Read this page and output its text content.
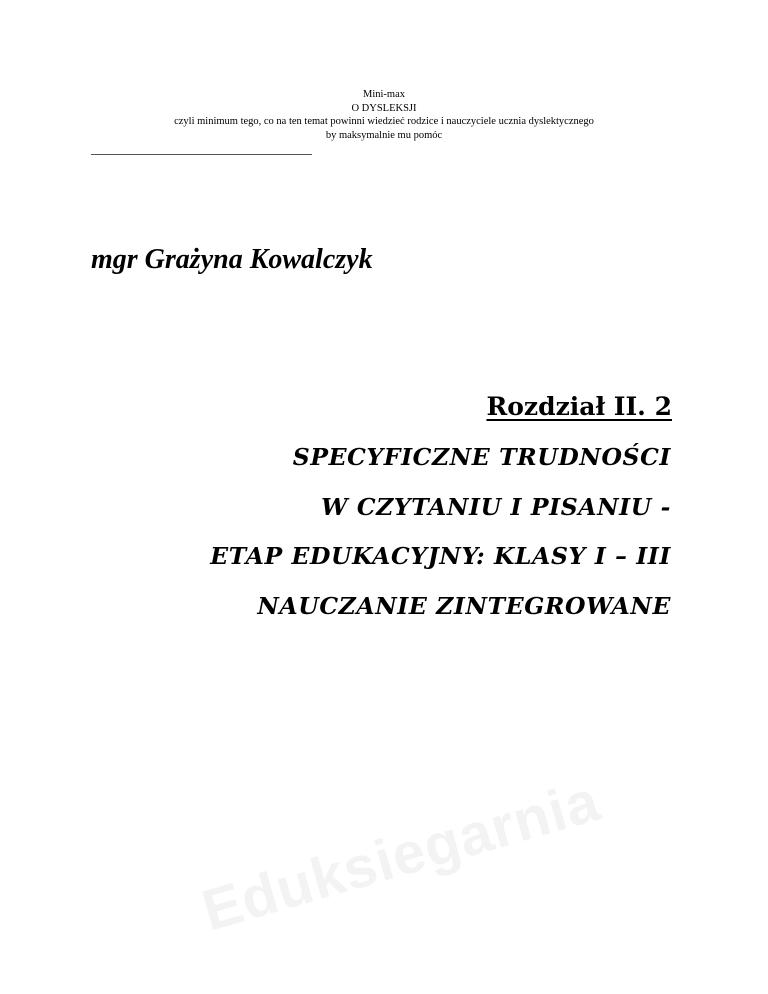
Mini-max
O DYSLEKSJI
czyli minimum tego, co na ten temat powinni wiedzieć rodzice i nauczyciele ucznia dyslektycznego
by maksymalnie mu pomóc
mgr Grażyna Kowalczyk
Rozdział II. 2
SPECYFICZNE TRUDNOŚCI
W CZYTANIU I PISANIU -
ETAP EDUKACYJNY: KLASY I – III
NAUCZANIE ZINTEGROWANE
Eduksiegarnia
